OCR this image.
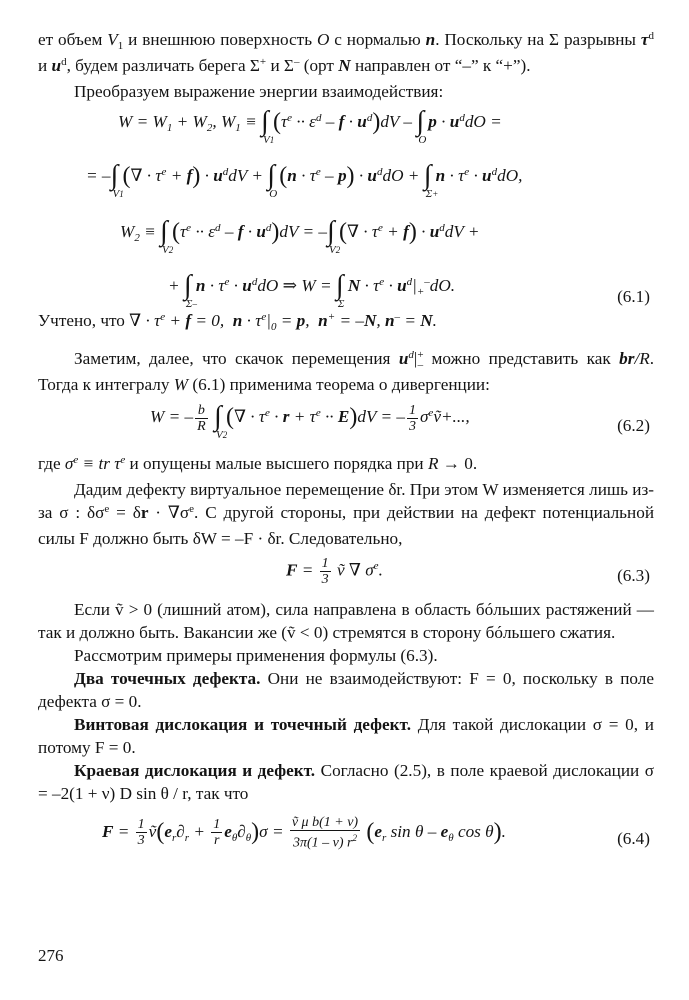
ет объем $V_1$ и внешнюю поверхность O с нормалью n. Поскольку на Σ разрывны $\tau^d$ и $u^d$, будем различать берега Σ+ и Σ– (орт N направлен от “–” к “+”).

Преобразуем выражение энергии взаимодействия:

$W = W_1 + W_2$, $W_1$ ≡ ∫
V1
$(\tau^e \cdot\cdot \varepsilon^d - f \cdot u^d)dV$ – ∫
O
$p \cdot u^ddO$ =
= –∫
V1
(∇ · $\tau^e + f) \cdot u^ddV$ + ∫
O
$(n \cdot \tau^e - p) \cdot u^ddO$ + ∫
Σ+
$n \cdot \tau^e \cdot u^ddO$,
$W_2$ ≡ ∫
V2
$(\tau^e \cdot\cdot \varepsilon^d - f \cdot u^d)dV$ = –∫
V2
(∇ · $\tau^e + f) \cdot u^ddV$ +
+ ∫
Σ–
$n \cdot \tau^e \cdot u^ddO$ ⇒ W = ∫
Σ
$N \cdot \tau^e \cdot u^d|_+^-dO$.
(6.1)

Учтено, что ∇ · $\tau^e + f = 0$,  $n \cdot \tau^e|_0 = p$,  n+ = –N, n– = N.

Заметим, далее, что скачок перемещения $u^d|^+_-$ можно представить как br/R. Тогда к интегралу W (6.1) применима теорема о дивергенции:

W = – $\frac{b}{R}$ ∫
V2
(∇ · $\tau^e \cdot r + \tau^e \cdot\cdot E)dV$ = – $\frac{1}{3}$ $\sigma^eṽ+$...,	(6.2)

где $\sigma^e$ ≡ tr $\tau^e$ и опущены малые высшего порядка при R → 0.

Дадим дефекту виртуальное перемещение δr. При этом W изменяется лишь из-за σ : $\delta\sigma^e = \delta r \cdot \nabla\sigma^e$. С другой стороны, при действии на дефект потенциальной силы F должно быть δW = –F · δr. Следовательно,

$F = \frac{1}{3}$ ṽ ∇ $\sigma^e$.	(6.3)

Если ṽ > 0 (лишний атом), сила направлена в область бóльших растяжений — так и должно быть. Вакансии же (ṽ < 0) стремятся в сторону бóльшего сжатия.

Рассмотрим примеры применения формулы (6.3).

Два точечных дефекта. Они не взаимодействуют: F = 0, поскольку в поле дефекта σ = 0.

Винтовая дислокация и точечный дефект. Для такой дислокации σ = 0, и потому F = 0.

Краевая дислокация и дефект. Согласно (2.5), в поле краевой дислокации σ = –2(1 + ν) D sin θ / r, так что

$F = \frac{1}{3}$ $ṽ(e_r\partial_r + \frac{1}{r} e_\theta\partial_\theta)\sigma = \frac{\text{ṽ μ b(1 + ν)}}{3\pi(1 - \nu) r^2} (e_r$ sin θ – $e_\theta$ cos θ).	(6.4)
276
